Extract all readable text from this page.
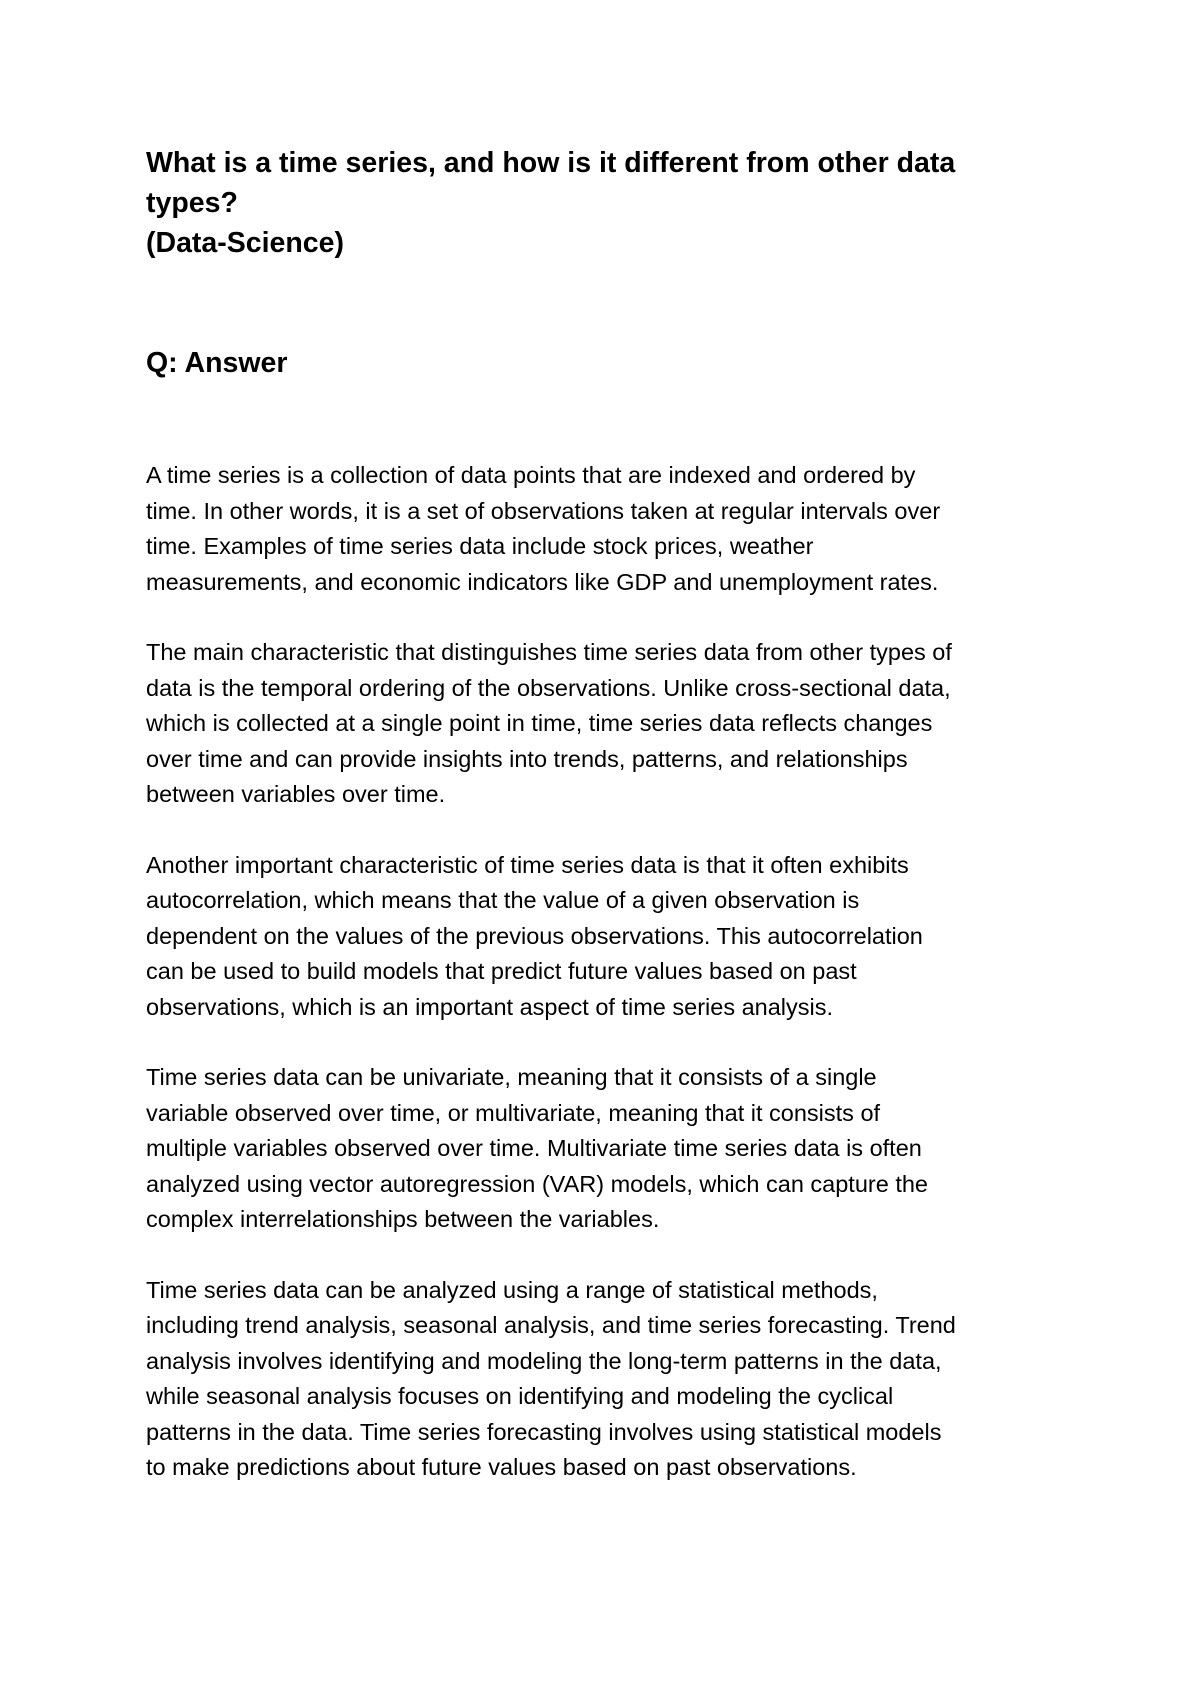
What is a time series, and how is it different from other data
types?
(Data-Science)
Q: Answer

A time series is a collection of data points that are indexed and ordered by
time. In other words, it is a set of observations taken at regular intervals over
time. Examples of time series data include stock prices, weather
measurements, and economic indicators like GDP and unemployment rates.

The main characteristic that distinguishes time series data from other types of
data is the temporal ordering of the observations. Unlike cross-sectional data,
which is collected at a single point in time, time series data reflects changes
over time and can provide insights into trends, patterns, and relationships
between variables over time.

Another important characteristic of time series data is that it often exhibits
autocorrelation, which means that the value of a given observation is
dependent on the values of the previous observations. This autocorrelation
can be used to build models that predict future values based on past
observations, which is an important aspect of time series analysis.

Time series data can be univariate, meaning that it consists of a single
variable observed over time, or multivariate, meaning that it consists of
multiple variables observed over time. Multivariate time series data is often
analyzed using vector autoregression (VAR) models, which can capture the
complex interrelationships between the variables.

Time series data can be analyzed using a range of statistical methods,
including trend analysis, seasonal analysis, and time series forecasting. Trend
analysis involves identifying and modeling the long-term patterns in the data,
while seasonal analysis focuses on identifying and modeling the cyclical
patterns in the data. Time series forecasting involves using statistical models
to make predictions about future values based on past observations.
